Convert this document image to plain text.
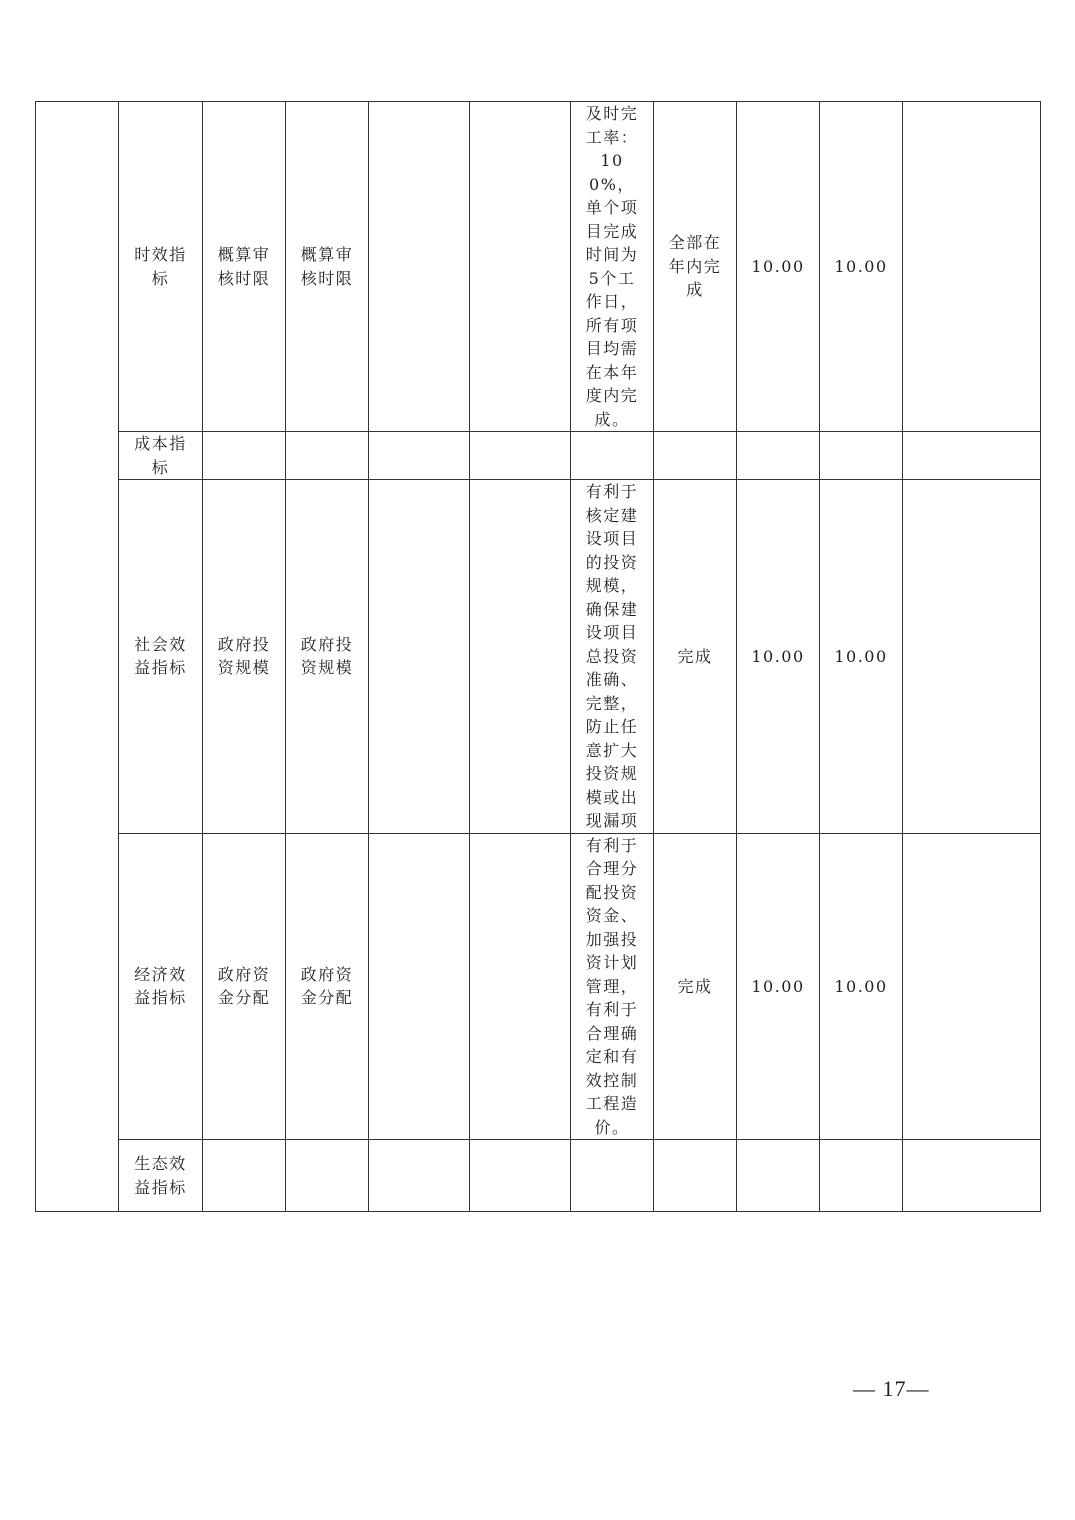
	时效指标	概算审核时限	概算审核时限			及时完工率：100%，单个项目完成时间为5个工作日，所有项目均需在本年度内完成。	全部在年内完成	10.00	10.00	
	成本指标									
	社会效益指标	政府投资规模	政府投资规模			有利于核定建设项目的投资规模，确保建设项目总投资准确、完整，防止任意扩大投资规模或出现漏项	完成	10.00	10.00	
	经济效益指标	政府资金分配	政府资金分配			有利于合理分配投资资金、加强投资计划管理，有利于合理确定和有效控制工程造价。	完成	10.00	10.00	
	生态效益指标									
— 17—
